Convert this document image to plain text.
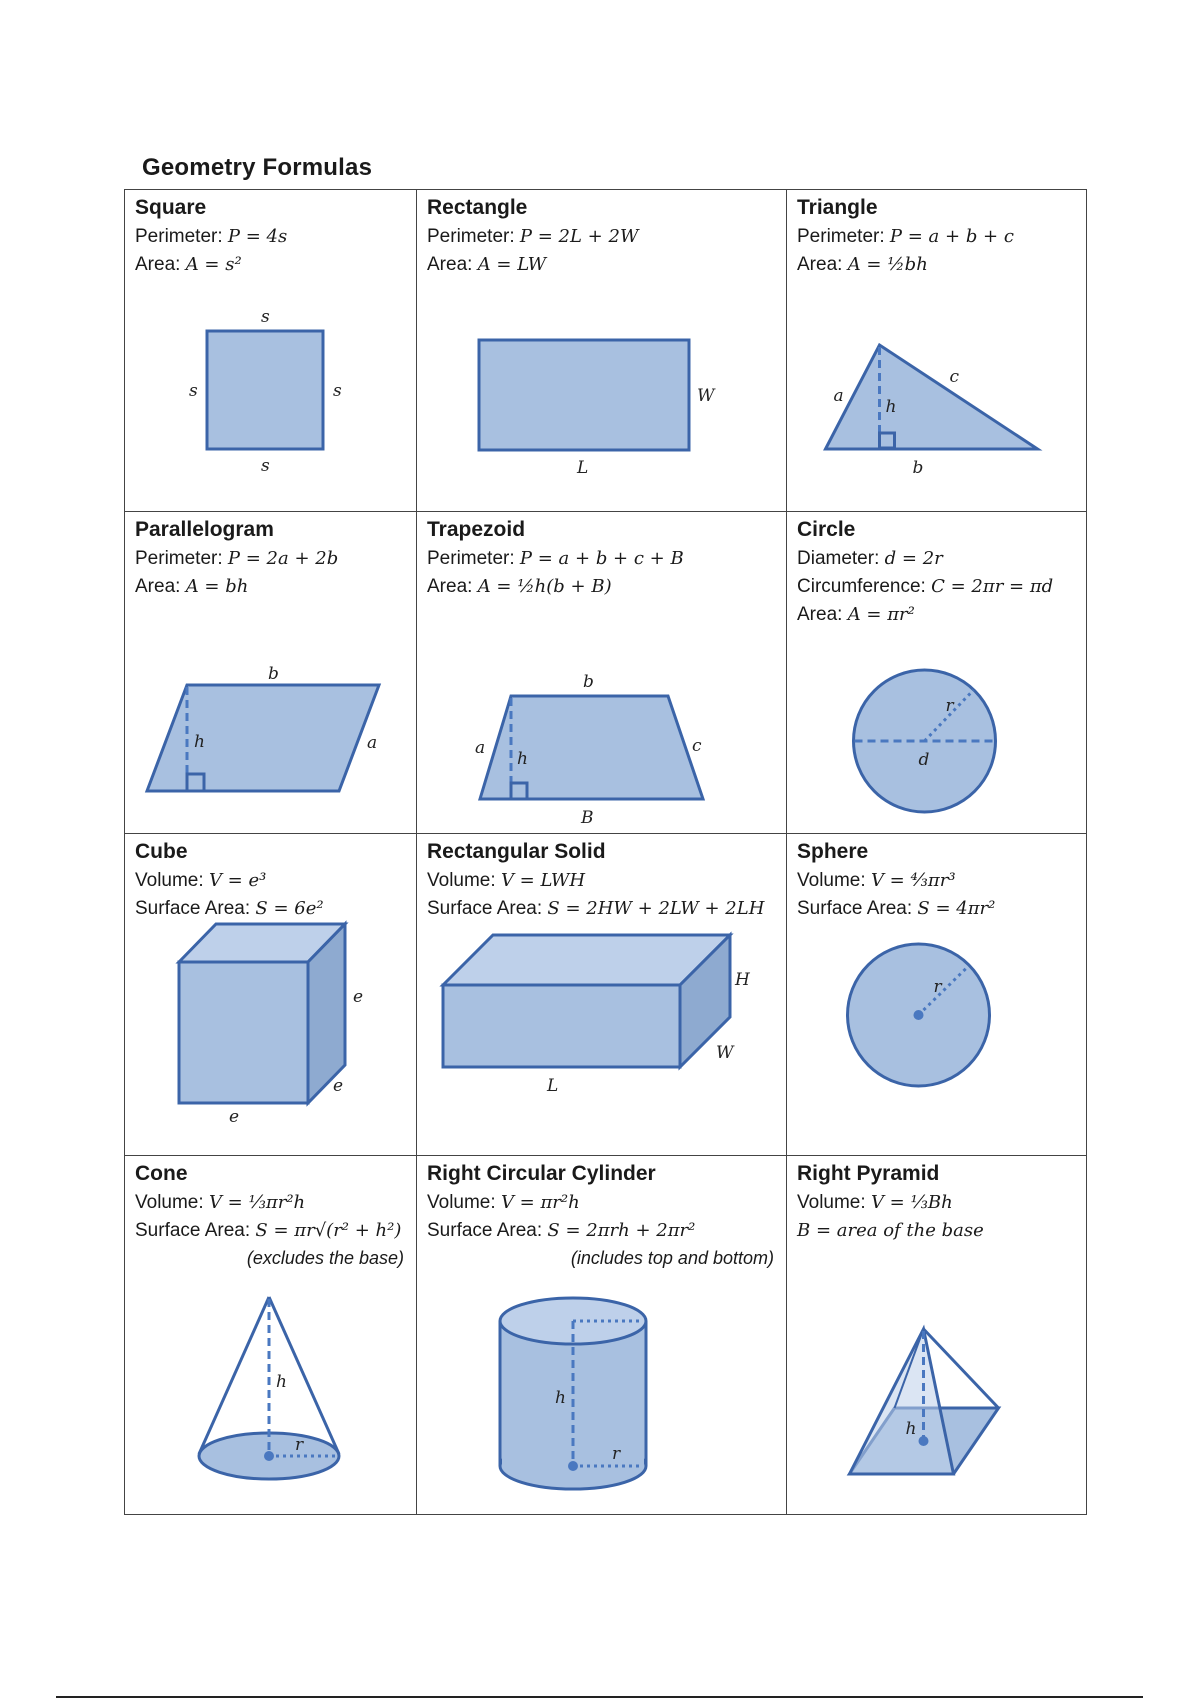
Geometry Formulas
Square
Perimeter: P = 4s
Area: A = s²
s
s	s
s
Rectangle
Perimeter: P = 2L + 2W
Area: A = LW
W
L
Triangle
Perimeter: P = a + b + c
Area: A = ½bh
a
c
h
b
Parallelogram
Perimeter: P = 2a + 2b
Area: A = bh
b
h	a
Trapezoid
Perimeter: P = a + b + c + B
Area: A = ½h(b + B)
b
a
h
c
B
Circle
Diameter: d = 2r
Circumference: C = 2πr = πd
Area: A = πr²
r
d
Cube
Volume: V = e³
Surface Area: S = 6e²
e
e
e
Rectangular Solid
Volume: V = LWH
Surface Area: S = 2HW + 2LW + 2LH
H
W
L
Sphere
Volume: V = ⁴⁄₃πr³
Surface Area: S = 4πr²
r
Cone
Volume: V = ⅓πr²h
Surface Area: S = πr√(r² + h²)
(excludes the base)
h
r
Right Circular Cylinder
Volume: V = πr²h
Surface Area: S = 2πrh + 2πr²
(includes top and bottom)
h
r
Right Pyramid
Volume: V = ⅓Bh
B = area of the base
h
